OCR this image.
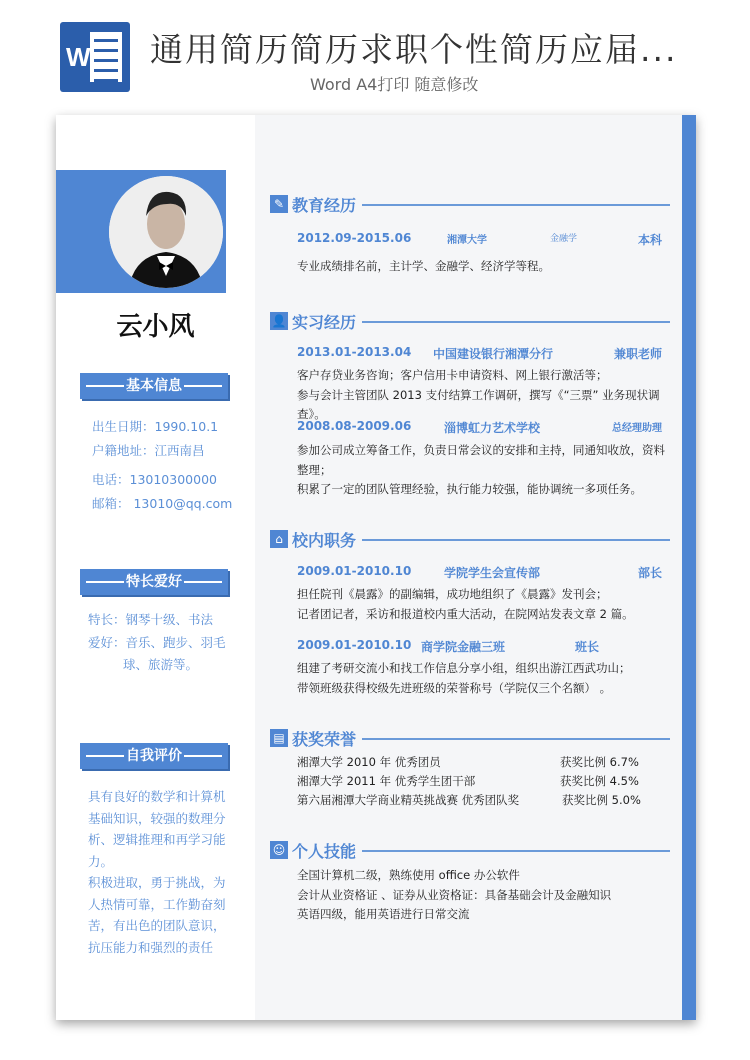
W 通用简历简历求职个性简历应届...
Word A4打印 随意修改
云小风
基本信息
出生日期：1990.10.1
户籍地址：江西南昌
电话：13010300000
邮箱： 13010@qq.com
特长爱好
特长：钢琴十级、书法
爱好：音乐、跑步、羽毛
球、旅游等。
自我评价
具有良好的数学和计算机
基础知识，较强的数理分
析、逻辑推理和再学习能
力。
积极进取，勇于挑战，为
人热情可靠，工作勤奋刻
苦，有出色的团队意识，
抗压能力和强烈的责任
✎ 教育经历
2012.09-2015.06	湘潭大学	金融学	本科
专业成绩排名前，主计学、金融学、经济学等程。
👤 实习经历
2013.01-2013.04 中国建设银行湘潭分行	兼职老师
客户存贷业务咨询；客户信用卡申请资料、网上银行激活等；
参与会计主管团队 2013 支付结算工作调研，撰写《“三票” 业务现状调查》。
2008.08-2009.06	淄博虹力艺术学校	总经理助理
参加公司成立筹备工作，负责日常会议的安排和主持，同通知收放，资料整理；
积累了一定的团队管理经验，执行能力较强，能协调统一多项任务。
⌂ 校内职务
2009.01-2010.10	学院学生会宣传部	部长
担任院刊《晨露》的副编辑，成功地组织了《晨露》发刊会；
记者团记者，采访和报道校内重大活动，在院网站发表文章 2 篇。
2009.01-2010.10 商学院金融三班	班长
组建了考研交流小和找工作信息分享小组，组织出游江西武功山；
带领班级获得校级先进班级的荣誉称号（学院仅三个名额） 。
▤ 获奖荣誉
湘潭大学 2010 年 优秀团员	获奖比例 6.7%
湘潭大学 2011 年 优秀学生团干部	获奖比例 4.5%
第六届湘潭大学商业精英挑战赛 优秀团队奖	获奖比例 5.0%
☺ 个人技能
全国计算机二级，熟练使用 office 办公软件
会计从业资格证 、证券从业资格证：具备基础会计及金融知识
英语四级，能用英语进行日常交流
